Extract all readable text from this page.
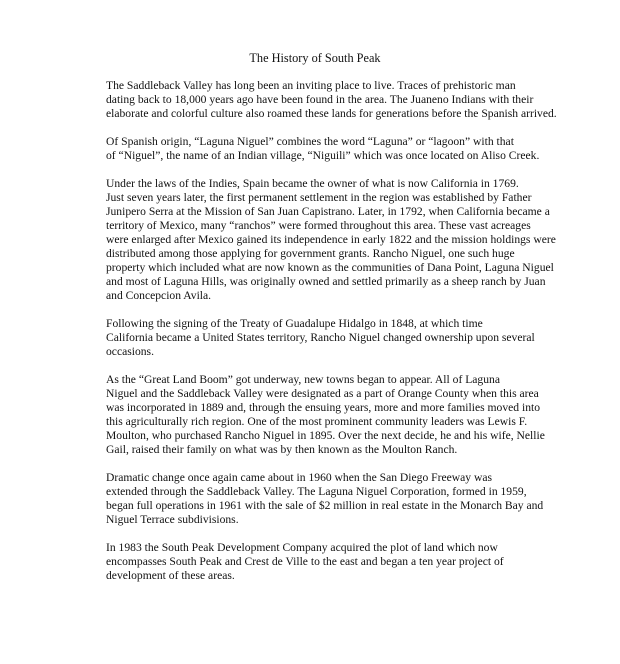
The History of South Peak
The Saddleback Valley has long been an inviting place to live. Traces of prehistoric man
dating back to 18,000 years ago have been found in the area. The Juaneno Indians with their
elaborate and colorful culture also roamed these lands for generations before the Spanish arrived.
Of Spanish origin, “Laguna Niguel” combines the word “Laguna” or “lagoon” with that
of “Niguel”, the name of an Indian village, “Niguili” which was once located on Aliso Creek.
Under the laws of the Indies, Spain became the owner of what is now California in 1769.
Just seven years later, the first permanent settlement in the region was established by Father
Junipero Serra at the Mission of San Juan Capistrano. Later, in 1792, when California became a
territory of Mexico, many “ranchos” were formed throughout this area. These vast acreages
were enlarged after Mexico gained its independence in early 1822 and the mission holdings were
distributed among those applying for government grants. Rancho Niguel, one such huge
property which included what are now known as the communities of Dana Point, Laguna Niguel
and most of Laguna Hills, was originally owned and settled primarily as a sheep ranch by Juan
and Concepcion Avila.
Following the signing of the Treaty of Guadalupe Hidalgo in 1848, at which time
California became a United States territory, Rancho Niguel changed ownership upon several
occasions.
As the “Great Land Boom” got underway, new towns began to appear. All of Laguna
Niguel and the Saddleback Valley were designated as a part of Orange County when this area
was incorporated in 1889 and, through the ensuing years, more and more families moved into
this agriculturally rich region. One of the most prominent community leaders was Lewis F.
Moulton, who purchased Rancho Niguel in 1895. Over the next decide, he and his wife, Nellie
Gail, raised their family on what was by then known as the Moulton Ranch.
Dramatic change once again came about in 1960 when the San Diego Freeway was
extended through the Saddleback Valley. The Laguna Niguel Corporation, formed in 1959,
began full operations in 1961 with the sale of $2 million in real estate in the Monarch Bay and
Niguel Terrace subdivisions.
In 1983 the South Peak Development Company acquired the plot of land which now
encompasses South Peak and Crest de Ville to the east and began a ten year project of
development of these areas.
